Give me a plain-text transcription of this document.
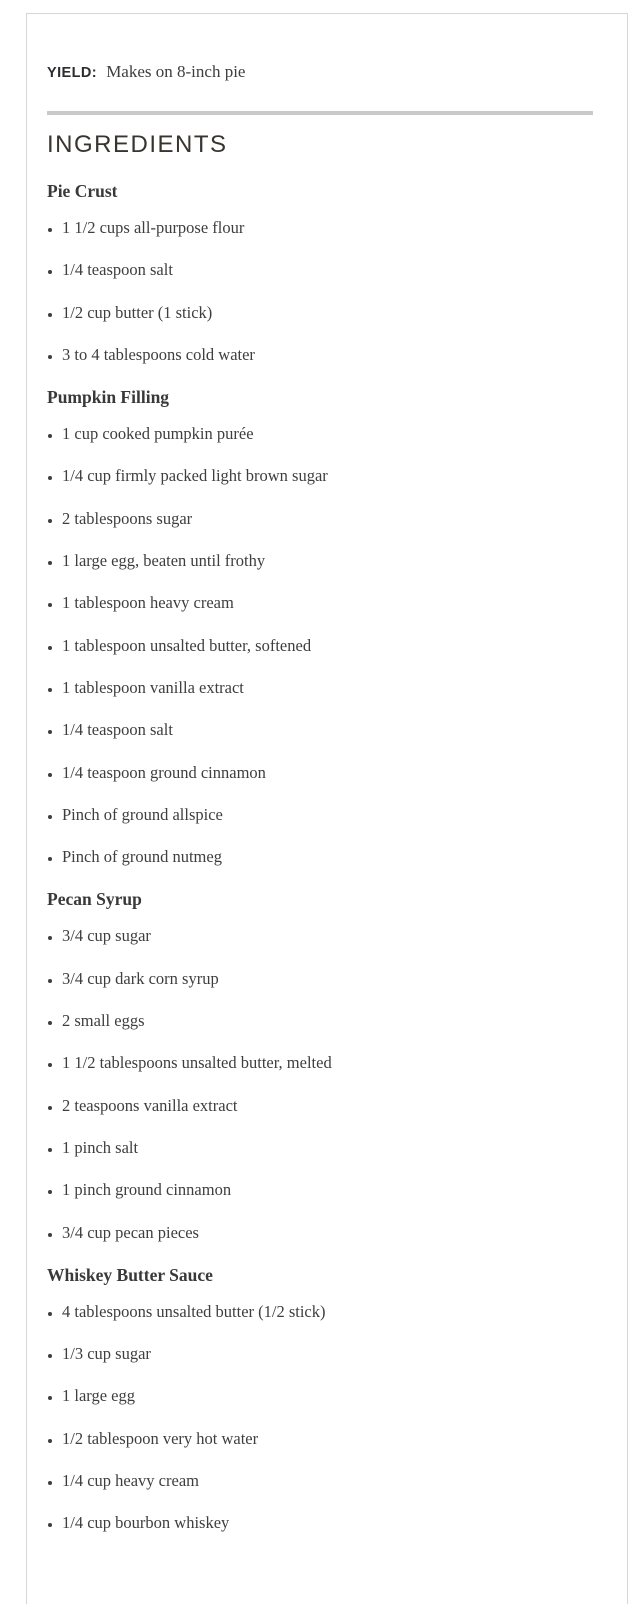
YIELD: Makes on 8-inch pie

INGREDIENTS
Pie Crust
• 1 1/2 cups all-purpose flour
• 1/4 teaspoon salt
• 1/2 cup butter (1 stick)
• 3 to 4 tablespoons cold water
Pumpkin Filling
• 1 cup cooked pumpkin purée
• 1/4 cup firmly packed light brown sugar
• 2 tablespoons sugar
• 1 large egg, beaten until frothy
• 1 tablespoon heavy cream
• 1 tablespoon unsalted butter, softened
• 1 tablespoon vanilla extract
• 1/4 teaspoon salt
• 1/4 teaspoon ground cinnamon
• Pinch of ground allspice
• Pinch of ground nutmeg
Pecan Syrup
• 3/4 cup sugar
• 3/4 cup dark corn syrup
• 2 small eggs
• 1 1/2 tablespoons unsalted butter, melted
• 2 teaspoons vanilla extract
• 1 pinch salt
• 1 pinch ground cinnamon
• 3/4 cup pecan pieces
Whiskey Butter Sauce
• 4 tablespoons unsalted butter (1/2 stick)
• 1/3 cup sugar
• 1 large egg
• 1/2 tablespoon very hot water
• 1/4 cup heavy cream
• 1/4 cup bourbon whiskey
